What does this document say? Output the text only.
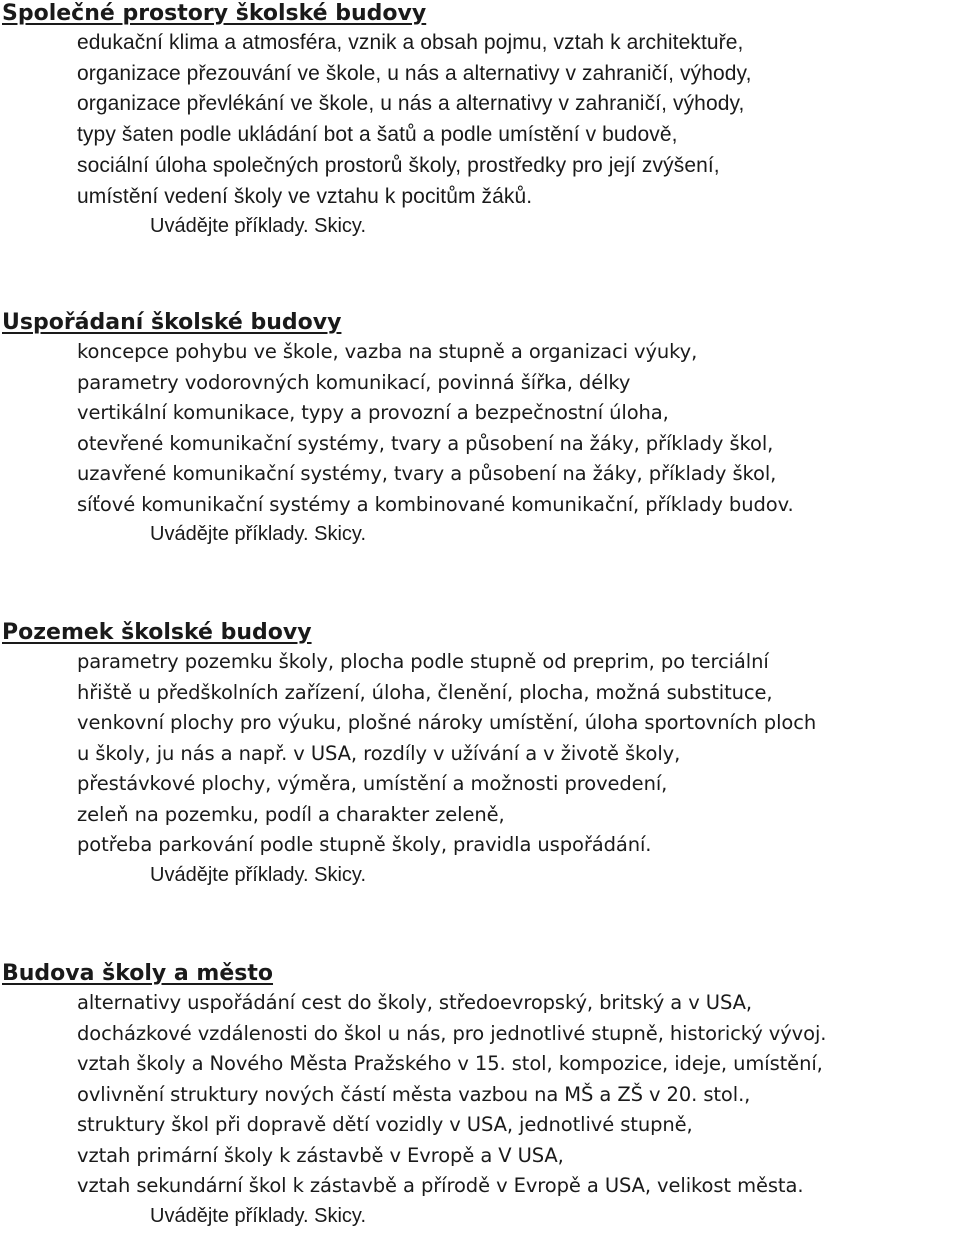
Společné prostory školské budovy
edukační klima a atmosféra, vznik a obsah pojmu, vztah k architektuře,
organizace přezouvání ve škole, u nás a alternativy v zahraničí, výhody,
organizace převlékání ve škole, u nás a alternativy v zahraničí, výhody,
typy šaten podle ukládání bot a šatů a podle umístění v budově,
sociální úloha společných prostorů školy, prostředky pro její zvýšení,
umístění vedení školy ve vztahu k pocitům žáků.
Uvádějte příklady. Skicy.
Uspořádaní školské budovy
koncepce pohybu ve škole, vazba na stupně a organizaci výuky,
parametry vodorovných komunikací, povinná šířka, délky
vertikální komunikace, typy a provozní a bezpečnostní úloha,
otevřené komunikační systémy, tvary a působení na žáky, příklady škol,
uzavřené komunikační systémy, tvary a působení na žáky, příklady škol,
síťové komunikační systémy a kombinované komunikační, příklady budov.
Uvádějte příklady. Skicy.
Pozemek školské budovy
parametry pozemku školy, plocha podle stupně od preprim, po terciální
hřiště u předškolních zařízení, úloha, členění, plocha, možná substituce,
venkovní plochy pro výuku, plošné nároky umístění, úloha sportovních ploch
u školy, ju nás a např. v USA, rozdíly v užívání a v životě školy,
přestávkové plochy, výměra, umístění a možnosti provedení,
zeleň na pozemku, podíl a charakter zeleně,
potřeba parkování podle stupně školy, pravidla uspořádání.
Uvádějte příklady. Skicy.
Budova školy a město
alternativy uspořádání cest do školy, středoevropský, britský a v USA,
docházkové vzdálenosti do škol u nás, pro jednotlivé stupně, historický vývoj.
vztah školy a Nového Města Pražského v 15. stol, kompozice, ideje, umístění,
ovlivnění struktury nových částí města vazbou na MŠ a ZŠ v 20. stol.,
struktury škol při dopravě dětí vozidly v USA, jednotlivé stupně,
vztah primární školy k zástavbě v Evropě a V USA,
vztah sekundární škol k zástavbě a přírodě v Evropě a USA, velikost města.
Uvádějte příklady. Skicy.
